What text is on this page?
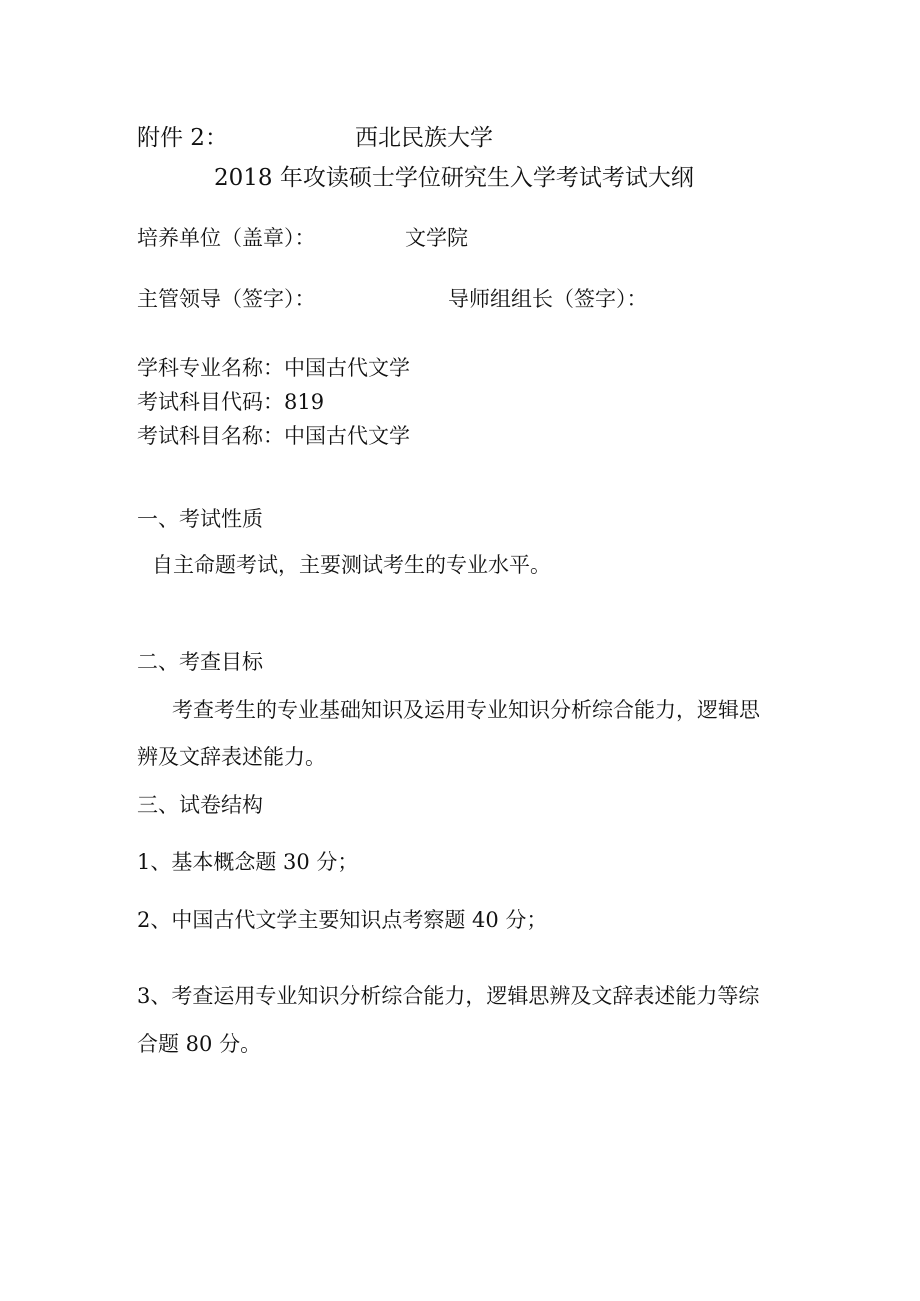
附件 2：	西北民族大学
2018 年攻读硕士学位研究生入学考试考试大纲
培养单位（盖章）：	文学院
主管领导（签字）：	导师组组长（签字）：
学科专业名称：中国古代文学
考试科目代码：819
考试科目名称：中国古代文学
一、考试性质
自主命题考试，主要测试考生的专业水平。
二、考查目标
考查考生的专业基础知识及运用专业知识分析综合能力，逻辑思
辨及文辞表述能力。
三、试卷结构
1、基本概念题 30 分；
2、中国古代文学主要知识点考察题 40 分；
3、考查运用专业知识分析综合能力，逻辑思辨及文辞表述能力等综
合题 80 分。
